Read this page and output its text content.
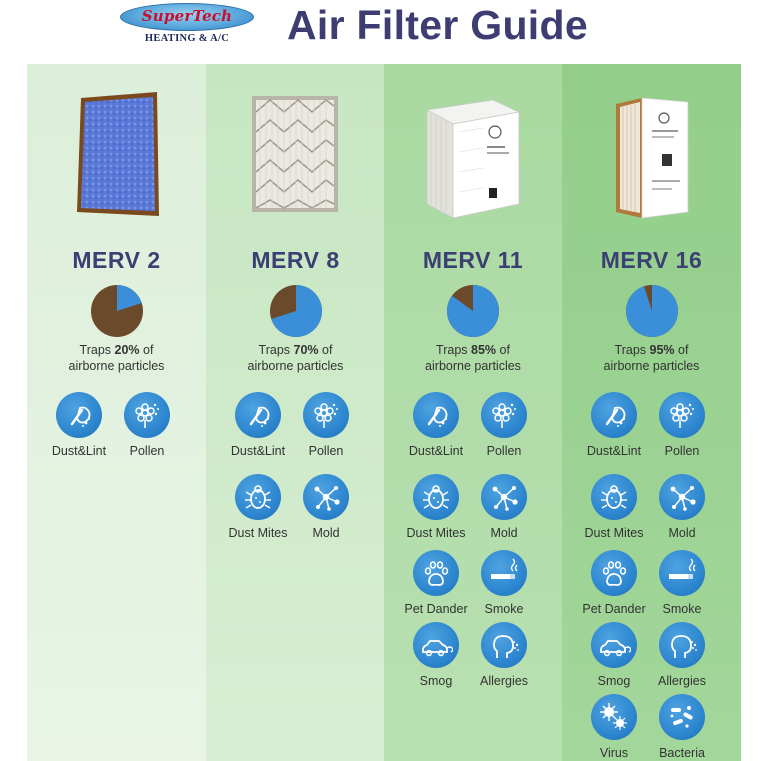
SuperTech
HEATING & A/C	Air Filter Guide
MERV 2
Traps 20% of
airborne particles
Dust&Lint	Pollen
MERV 8
Traps 70% of
airborne particles
Dust&Lint	Pollen
Dust Mites	Mold
MERV 11
Traps 85% of
airborne particles
Dust&Lint	Pollen
Dust Mites	Mold
Pet Dander	Smoke
Smog	Allergies
MERV 16
Traps 95% of
airborne particles
Dust&Lint	Pollen
Dust Mites	Mold
Pet Dander	Smoke
Smog	Allergies
Virus	Bacteria
